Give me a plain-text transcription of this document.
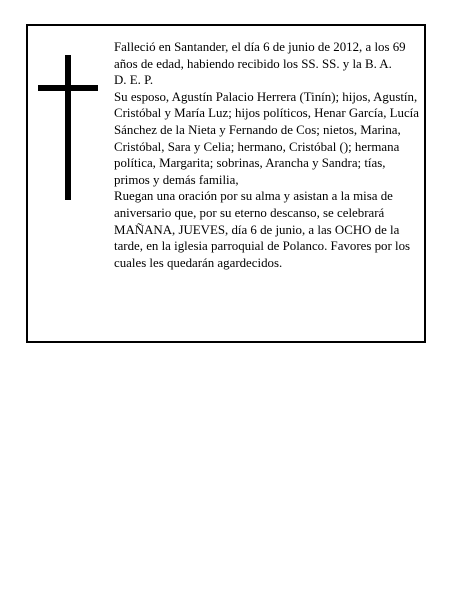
Falleció en Santander, el día 6 de junio de 2012, a los 69 años de edad, habiendo recibido los SS. SS. y la B. A.

D. E. P.

Su esposo, Agustín Palacio Herrera (Tinín); hijos, Agustín, Cristóbal y María Luz; hijos políticos, Henar García, Lucía Sánchez de la Nieta y Fernando de Cos; nietos, Marina, Cristóbal, Sara y Celia; hermano, Cristóbal (); hermana política, Margarita; sobrinas, Arancha y Sandra; tías, primos y demás familia,

Ruegan una oración por su alma y asistan a la misa de aniversario que, por su eterno descanso, se celebrará MAÑANA, JUEVES, día 6 de junio, a las OCHO de la tarde, en la iglesia parroquial de Polanco. Favores por los cuales les quedarán agardecidos.
